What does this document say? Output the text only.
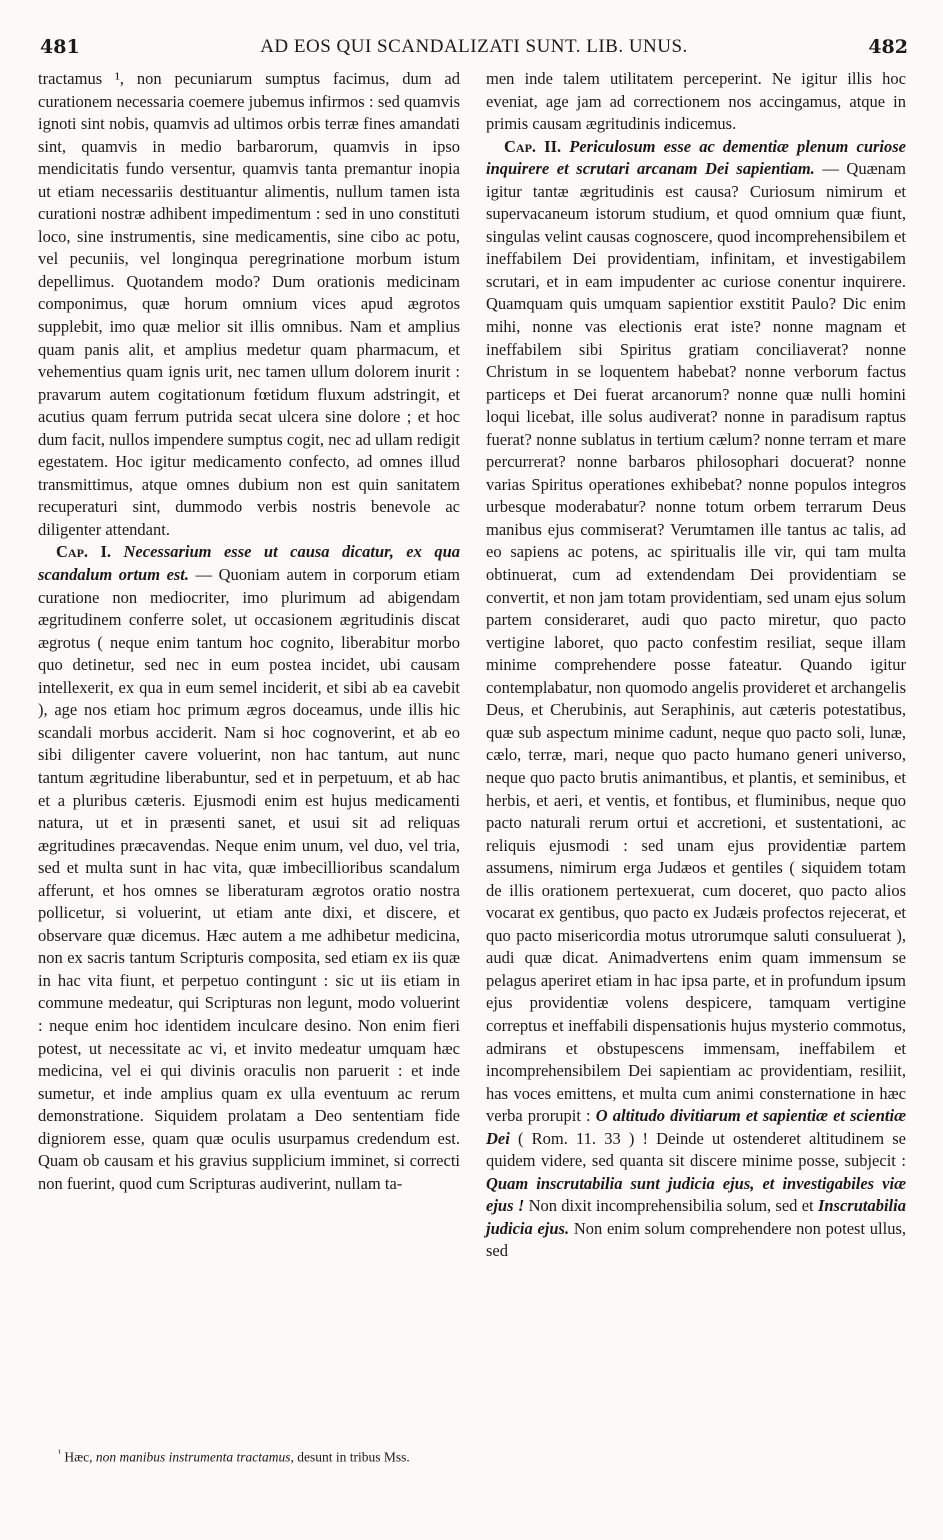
481	AD EOS QUI SCANDALIZATI SUNT. LIB. UNUS.	482

tractamus ¹, non pecuniarum sumptus facimus, dum ad curationem necessaria coemere jubemus infirmos : sed quamvis ignoti sint nobis, quamvis ad ultimos orbis terræ fines amandati sint, quamvis in medio barbarorum, quamvis in ipso mendicitatis fundo versentur, quamvis tanta premantur inopia ut etiam necessariis destituantur alimentis, nullum tamen ista curationi nostræ adhibent impedimentum : sed in uno constituti loco, sine instrumentis, sine medicamentis, sine cibo ac potu, vel pecuniis, vel longinqua peregrinatione morbum istum depellimus. Quotandem modo? Dum orationis medicinam componimus, quæ horum omnium vices apud ægrotos supplebit, imo quæ melior sit illis omnibus. Nam et amplius quam panis alit, et amplius medetur quam pharmacum, et vehementius quam ignis urit, nec tamen ullum dolorem inurit : pravarum autem cogitationum fœtidum fluxum adstringit, et acutius quam ferrum putrida secat ulcera sine dolore ; et hoc dum facit, nullos impendere sumptus cogit, nec ad ullam redigit egestatem. Hoc igitur medicamento confecto, ad omnes illud transmittimus, atque omnes dubium non est quin sanitatem recuperaturi sint, dummodo verbis nostris benevole ac diligenter attendant.

Cap. I. Necessarium esse ut causa dicatur, ex qua scandalum ortum est. — Quoniam autem in corporum etiam curatione non mediocriter, imo plurimum ad abigendam ægritudinem conferre solet, ut occasionem ægritudinis discat ægrotus ( neque enim tantum hoc cognito, liberabitur morbo quo detinetur, sed nec in eum postea incidet, ubi causam intellexerit, ex qua in eum semel inciderit, et sibi ab ea cavebit ), age nos etiam hoc primum ægros doceamus, unde illis hic scandali morbus acciderit. Nam si hoc cognoverint, et ab eo sibi diligenter cavere voluerint, non hac tantum, aut nunc tantum ægritudine liberabuntur, sed et in perpetuum, et ab hac et a pluribus cæteris. Ejusmodi enim est hujus medicamenti natura, ut et in præsenti sanet, et usui sit ad reliquas ægritudines præcavendas. Neque enim unum, vel duo, vel tria, sed et multa sunt in hac vita, quæ imbecillioribus scandalum afferunt, et hos omnes se liberaturam ægrotos oratio nostra pollicetur, si voluerint, ut etiam ante dixi, et discere, et observare quæ dicemus. Hæc autem a me adhibetur medicina, non ex sacris tantum Scripturis composita, sed etiam ex iis quæ in hac vita fiunt, et perpetuo contingunt : sic ut iis etiam in commune medeatur, qui Scripturas non legunt, modo voluerint : neque enim hoc identidem inculcare desino. Non enim fieri potest, ut necessitate ac vi, et invito medeatur umquam hæc medicina, vel ei qui divinis oraculis non paruerit : et inde sumetur, et inde amplius quam ex ulla eventuum ac rerum demonstratione. Siquidem prolatam a Deo sententiam fide digniorem esse, quam quæ oculis usurpamus credendum est. Quam ob causam et his gravius supplicium imminet, si correcti non fuerint, quod cum Scripturas audiverint, nullam ta-

men inde talem utilitatem perceperint. Ne igitur illis hoc eveniat, age jam ad correctionem nos accingamus, atque in primis causam ægritudinis indicemus.

Cap. II. Periculosum esse ac dementiæ plenum curiose inquirere et scrutari arcanam Dei sapientiam. — Quænam igitur tantæ ægritudinis est causa? Curiosum nimirum et supervacaneum istorum studium, et quod omnium quæ fiunt, singulas velint causas cognoscere, quod incomprehensibilem et ineffabilem Dei providentiam, infinitam, et investigabilem scrutari, et in eam impudenter ac curiose conentur inquirere. Quamquam quis umquam sapientior exstitit Paulo? Dic enim mihi, nonne vas electionis erat iste? nonne magnam et ineffabilem sibi Spiritus gratiam conciliaverat? nonne Christum in se loquentem habebat? nonne verborum factus particeps et Dei fuerat arcanorum? nonne quæ nulli homini loqui licebat, ille solus audiverat? nonne in paradisum raptus fuerat? nonne sublatus in tertium cælum? nonne terram et mare percurrerat? nonne barbaros philosophari docuerat? nonne varias Spiritus operationes exhibebat? nonne populos integros urbesque moderabatur? nonne totum orbem terrarum Deus manibus ejus commiserat? Verumtamen ille tantus ac talis, ad eo sapiens ac potens, ac spiritualis ille vir, qui tam multa obtinuerat, cum ad extendendam Dei providentiam se convertit, et non jam totam providentiam, sed unam ejus solum partem consideraret, audi quo pacto miretur, quo pacto vertigine laboret, quo pacto confestim resiliat, seque illam minime comprehendere posse fateatur. Quando igitur contemplabatur, non quomodo angelis provideret et archangelis Deus, et Cherubinis, aut Seraphinis, aut cæteris potestatibus, quæ sub aspectum minime cadunt, neque quo pacto soli, lunæ, cælo, terræ, mari, neque quo pacto humano generi universo, neque quo pacto brutis animantibus, et plantis, et seminibus, et herbis, et aeri, et ventis, et fontibus, et fluminibus, neque quo pacto naturali rerum ortui et accretioni, et sustentationi, ac reliquis ejusmodi : sed unam ejus providentiæ partem assumens, nimirum erga Judæos et gentiles ( siquidem totam de illis orationem pertexuerat, cum doceret, quo pacto alios vocarat ex gentibus, quo pacto ex Judæis profectos rejecerat, et quo pacto misericordia motus utrorumque saluti consuluerat ), audi quæ dicat. Animadvertens enim quam immensum se pelagus aperiret etiam in hac ipsa parte, et in profundum ipsum ejus providentiæ volens despicere, tamquam vertigine correptus et ineffabili dispensationis hujus mysterio commotus, admirans et obstupescens immensam, ineffabilem et incomprehensibilem Dei sapientiam ac providentiam, resiliit, has voces emittens, et multa cum animi consternatione in hæc verba prorupit : O altitudo divitiarum et sapientiæ et scientiæ Dei ( Rom. 11. 33 ) ! Deinde ut ostenderet altitudinem se quidem videre, sed quanta sit discere minime posse, subjecit : Quam inscrutabilia sunt judicia ejus, et investigabiles viæ ejus ! Non dixit incomprehensibilia solum, sed et Inscrutabilia judicia ejus. Non enim solum comprehendere non potest ullus, sed

$^{^1}$ Hæc, non manibus instrumenta tractamus, desunt in tribus Mss.
